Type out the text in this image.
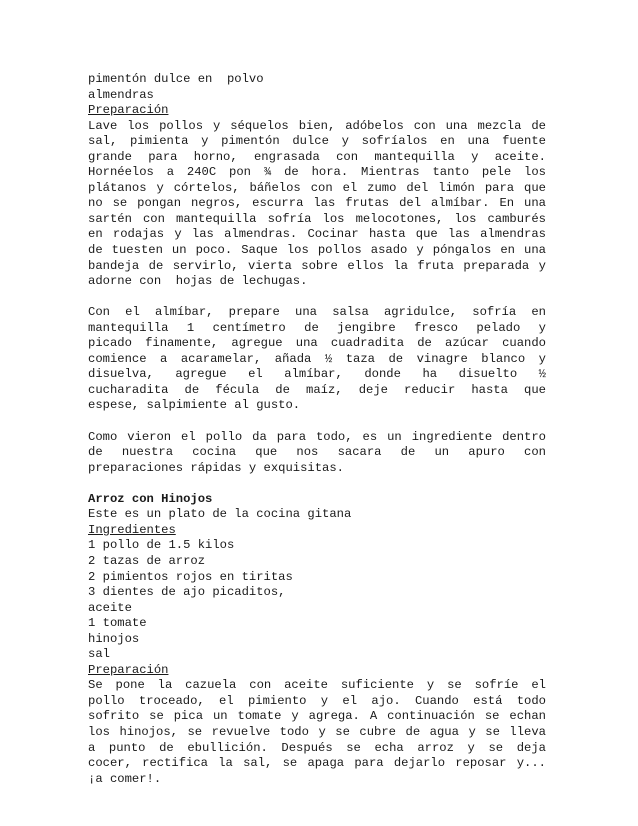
pimentón dulce en  polvo
almendras
Preparación
Lave los pollos y séquelos bien, adóbelos con una mezcla de
sal, pimienta y pimentón dulce y sofríalos en una fuente
grande para horno, engrasada con mantequilla y aceite.
Hornéelos a 240C pon ¾ de hora. Mientras tanto pele los
plátanos y córtelos, báñelos con el zumo del limón para que
no se pongan negros, escurra las frutas del almíbar. En una
sartén con mantequilla sofría los melocotones, los camburés
en rodajas y las almendras. Cocinar hasta que las almendras
de tuesten un poco. Saque los pollos asado y póngalos en una
bandeja de servirlo, vierta sobre ellos la fruta preparada y
adorne con  hojas de lechugas.
Con el almíbar, prepare una salsa agridulce, sofría en
mantequilla 1 centímetro de jengibre fresco pelado y
picado finamente, agregue una cuadradita de azúcar cuando
comience a acaramelar, añada ½ taza de vinagre blanco y
disuelva, agregue el almíbar, donde ha disuelto ½
cucharadita de fécula de maíz, deje reducir hasta que
espese, salpimiente al gusto.
Como vieron el pollo da para todo, es un ingrediente dentro
de nuestra cocina que nos sacara de un apuro con
preparaciones rápidas y exquisitas.
Arroz con Hinojos
Este es un plato de la cocina gitana
Ingredientes
1 pollo de 1.5 kilos
2 tazas de arroz
2 pimientos rojos en tiritas
3 dientes de ajo picaditos,
aceite
1 tomate
hinojos
sal
Preparación
Se pone la cazuela con aceite suficiente y se sofríe el
pollo troceado, el pimiento y el ajo. Cuando está todo
sofrito se pica un tomate y agrega. A continuación se echan
los hinojos, se revuelve todo y se cubre de agua y se lleva
a punto de ebullición. Después se echa arroz y se deja
cocer, rectifica la sal, se apaga para dejarlo reposar y...
¡a comer!.
